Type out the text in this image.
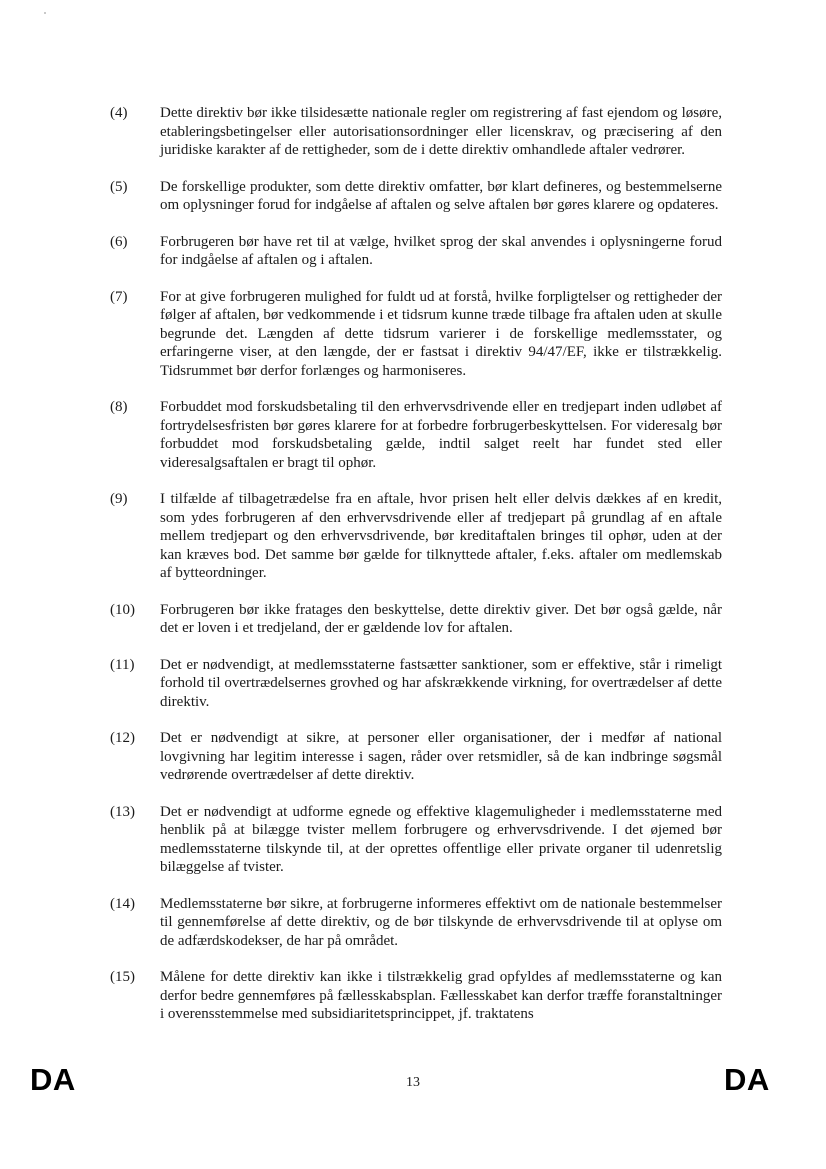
(4)	Dette direktiv bør ikke tilsidesætte nationale regler om registrering af fast ejendom og løsøre, etableringsbetingelser eller autorisationsordninger eller licenskrav, og præcisering af den juridiske karakter af de rettigheder, som de i dette direktiv omhandlede aftaler vedrører.

(5)	De forskellige produkter, som dette direktiv omfatter, bør klart defineres, og bestemmelserne om oplysninger forud for indgåelse af aftalen og selve aftalen bør gøres klarere og opdateres.

(6)	Forbrugeren bør have ret til at vælge, hvilket sprog der skal anvendes i oplysningerne forud for indgåelse af aftalen og i aftalen.

(7)	For at give forbrugeren mulighed for fuldt ud at forstå, hvilke forpligtelser og rettigheder der følger af aftalen, bør vedkommende i et tidsrum kunne træde tilbage fra aftalen uden at skulle begrunde det. Længden af dette tidsrum varierer i de forskellige medlemsstater, og erfaringerne viser, at den længde, der er fastsat i direktiv 94/47/EF, ikke er tilstrækkelig. Tidsrummet bør derfor forlænges og harmoniseres.

(8)	Forbuddet mod forskudsbetaling til den erhvervsdrivende eller en tredjepart inden udløbet af fortrydelsesfristen bør gøres klarere for at forbedre forbrugerbeskyttelsen. For videresalg bør forbuddet mod forskudsbetaling gælde, indtil salget reelt har fundet sted eller videresalgsaftalen er bragt til ophør.

(9)	I tilfælde af tilbagetrædelse fra en aftale, hvor prisen helt eller delvis dækkes af en kredit, som ydes forbrugeren af den erhvervsdrivende eller af tredjepart på grundlag af en aftale mellem tredjepart og den erhvervsdrivende, bør kreditaftalen bringes til ophør, uden at der kan kræves bod. Det samme bør gælde for tilknyttede aftaler, f.eks. aftaler om medlemskab af bytteordninger.

(10)	Forbrugeren bør ikke fratages den beskyttelse, dette direktiv giver. Det bør også gælde, når det er loven i et tredjeland, der er gældende lov for aftalen.

(11)	Det er nødvendigt, at medlemsstaterne fastsætter sanktioner, som er effektive, står i rimeligt forhold til overtrædelsernes grovhed og har afskrækkende virkning, for overtrædelser af dette direktiv.

(12)	Det er nødvendigt at sikre, at personer eller organisationer, der i medfør af national lovgivning har legitim interesse i sagen, råder over retsmidler, så de kan indbringe søgsmål vedrørende overtrædelser af dette direktiv.

(13)	Det er nødvendigt at udforme egnede og effektive klagemuligheder i medlemsstaterne med henblik på at bilægge tvister mellem forbrugere og erhvervsdrivende. I det øjemed bør medlemsstaterne tilskynde til, at der oprettes offentlige eller private organer til udenretslig bilæggelse af tvister.

(14)	Medlemsstaterne bør sikre, at forbrugerne informeres effektivt om de nationale bestemmelser til gennemførelse af dette direktiv, og de bør tilskynde de erhvervsdrivende til at oplyse om de adfærdskodekser, de har på området.

(15)	Målene for dette direktiv kan ikke i tilstrækkelig grad opfyldes af medlemsstaterne og kan derfor bedre gennemføres på fællesskabsplan. Fællesskabet kan derfor træffe foranstaltninger i overensstemmelse med subsidiaritetsprincippet, jf. traktatens

DA	13	DA
